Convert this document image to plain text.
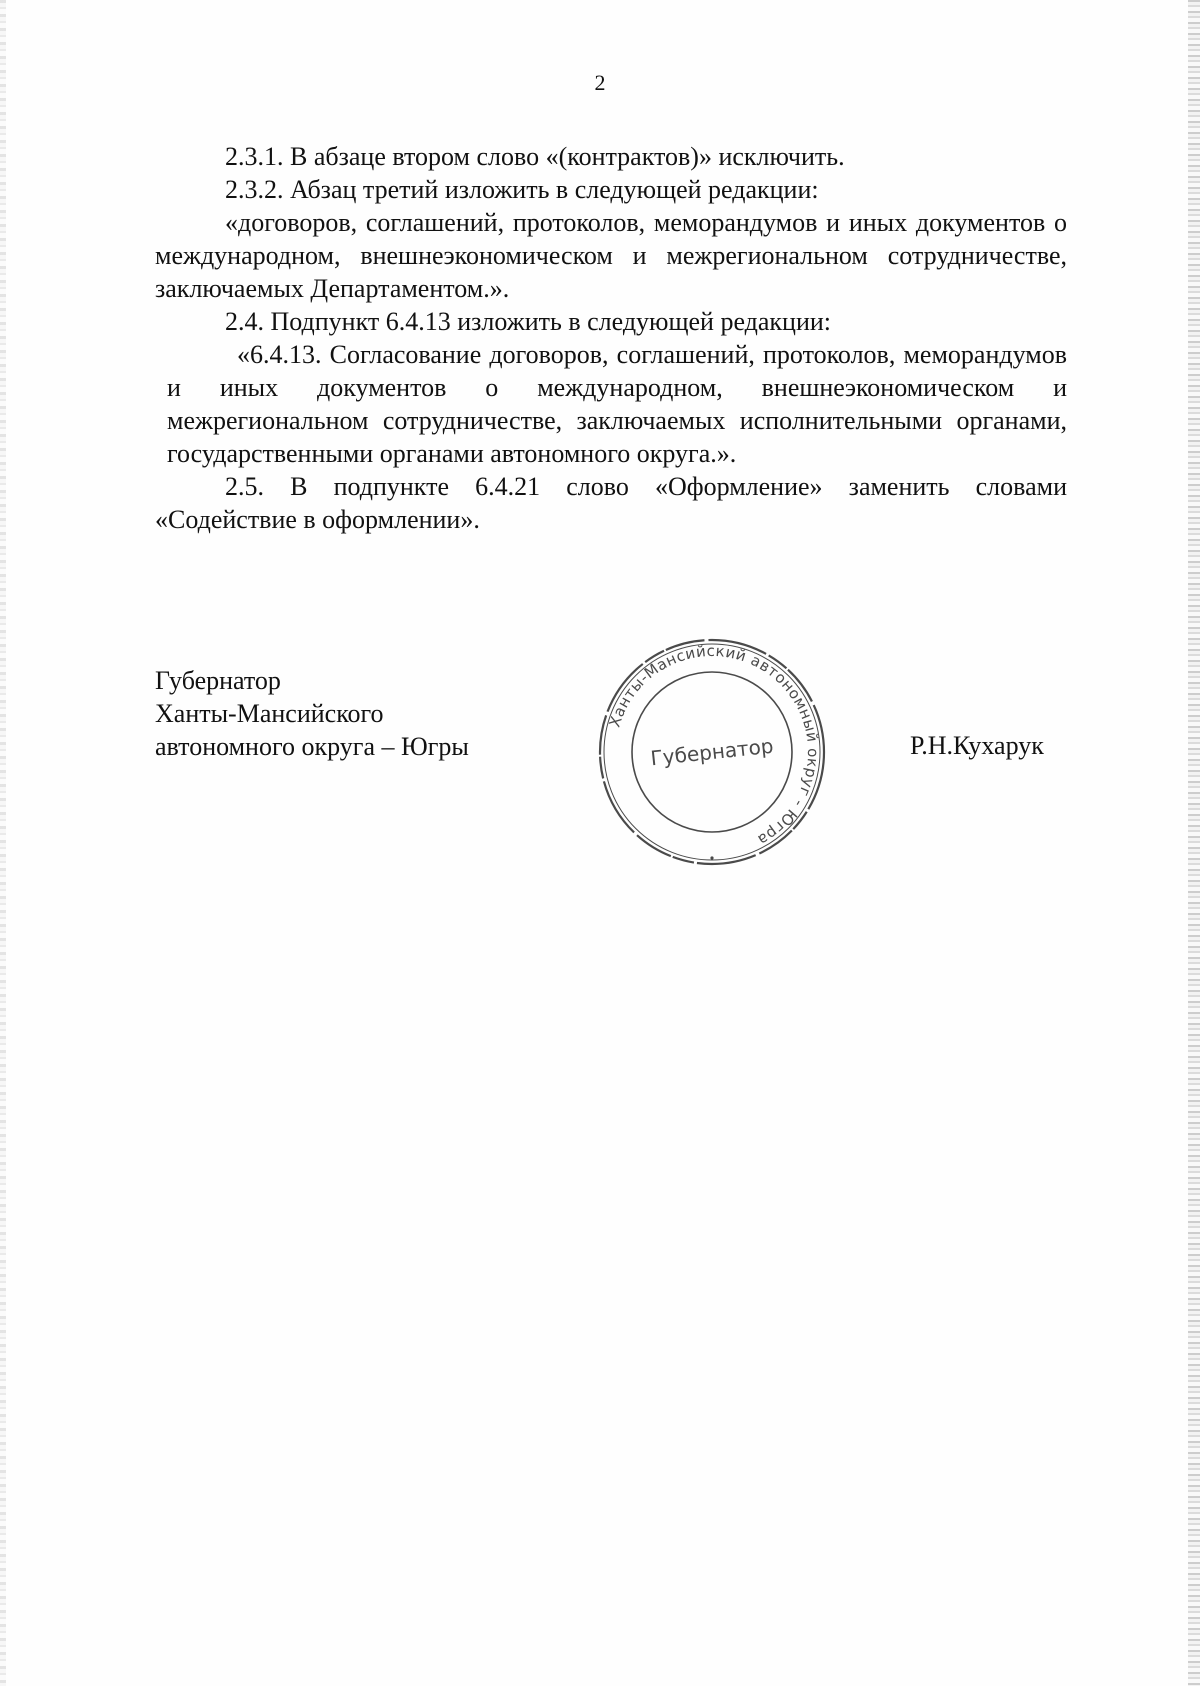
2

2.3.1. В абзаце втором слово «(контрактов)» исключить.

2.3.2. Абзац третий изложить в следующей редакции:

«договоров, соглашений, протоколов, меморандумов и иных документов о международном, внешнеэкономическом и межрегиональном сотрудничестве, заключаемых Департаментом.».

2.4. Подпункт 6.4.13 изложить в следующей редакции:

«6.4.13. Согласование договоров, соглашений, протоколов, меморандумов и иных документов о международном, внешнеэкономическом и межрегиональном сотрудничестве, заключаемых исполнительными органами, государственными органами автономного округа.».

2.5. В подпункте 6.4.21 слово «Оформление» заменить словами «Содействие в оформлении».

Губернатор
Ханты-Мансийского
автономного округа – Югры
Ханты-Мансийский автономный округ - Югра
Губернатор	Р.Н.Кухарук
